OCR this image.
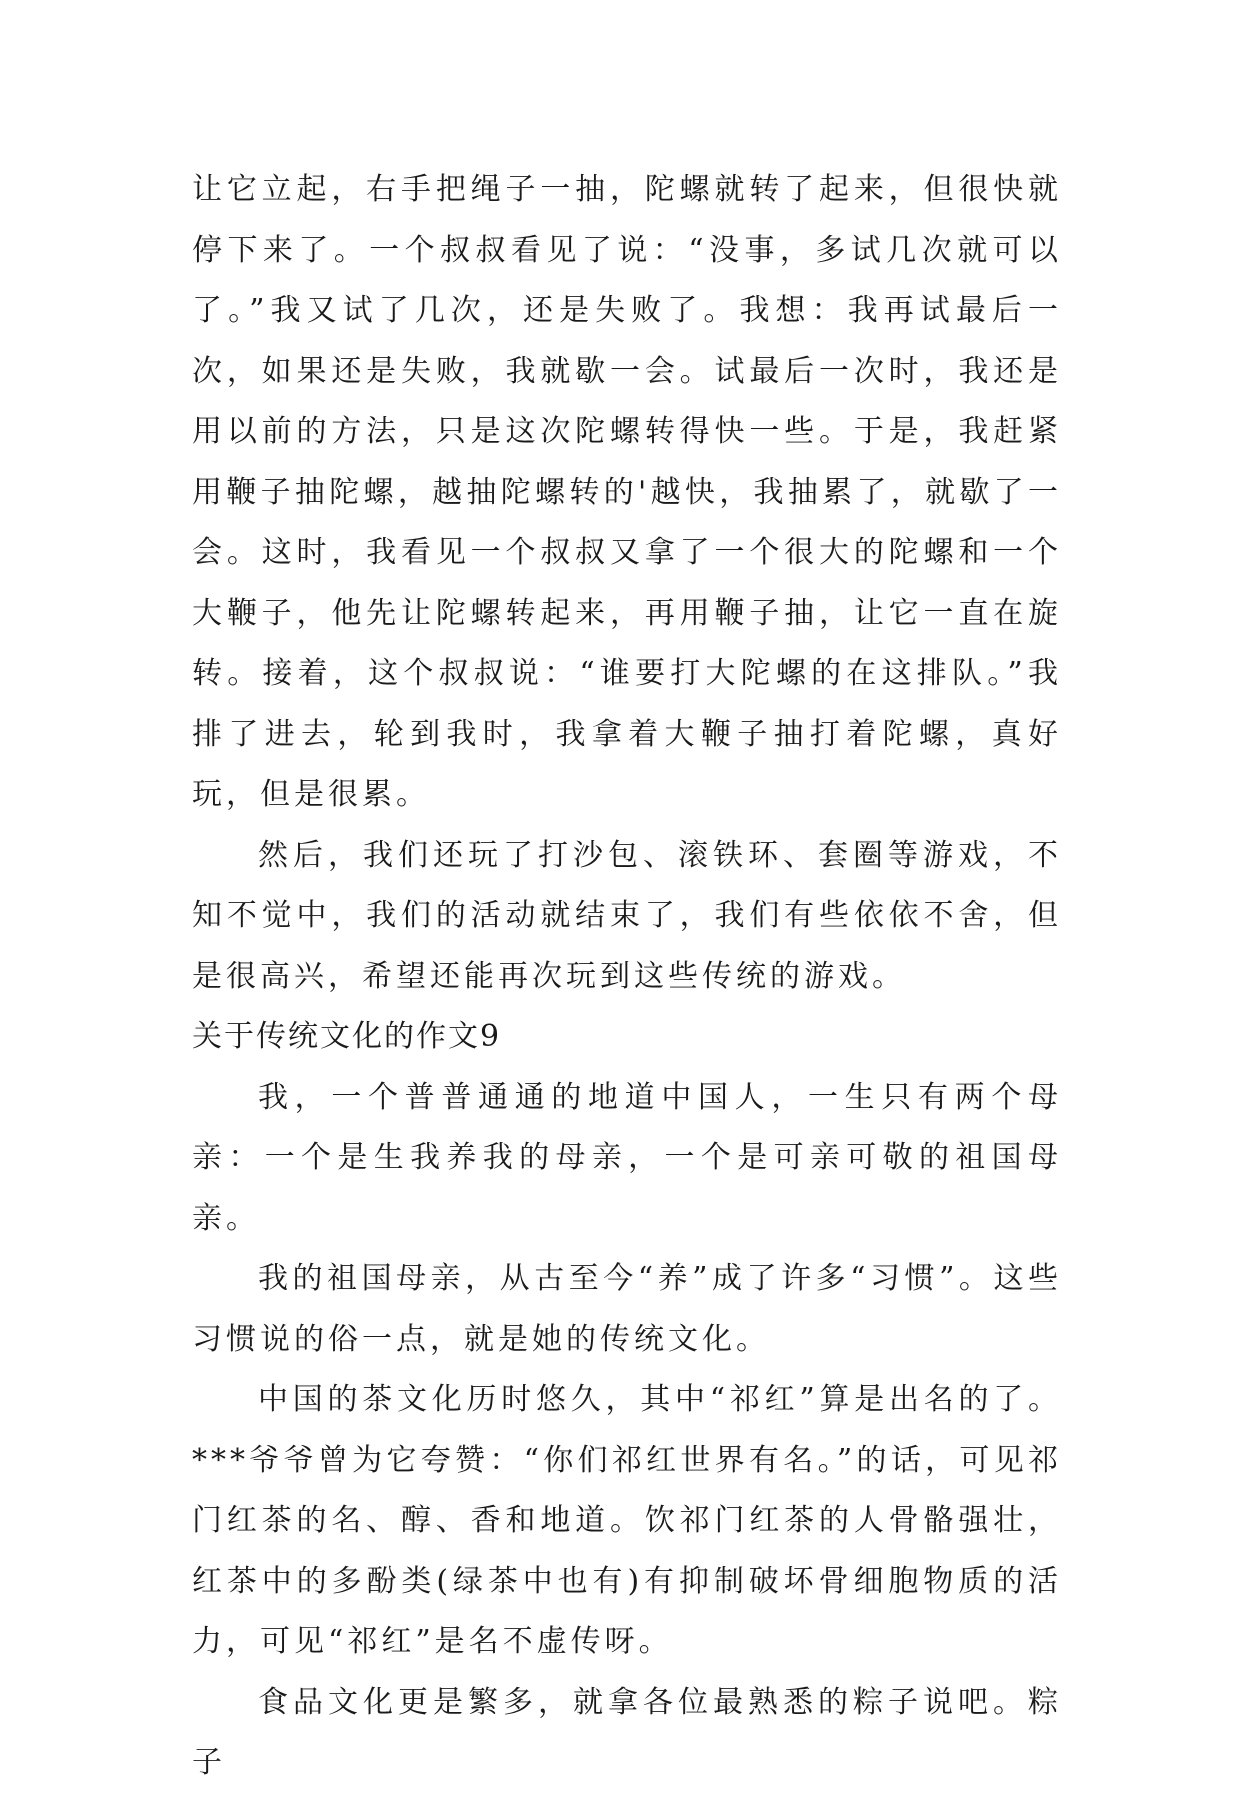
让它立起，右手把绳子一抽，陀螺就转了起来，但很快就停下来了。一个叔叔看见了说：“没事，多试几次就可以了。”我又试了几次，还是失败了。我想：我再试最后一次，如果还是失败，我就歇一会。试最后一次时，我还是用以前的方法，只是这次陀螺转得快一些。于是，我赶紧用鞭子抽陀螺，越抽陀螺转的'越快，我抽累了，就歇了一会。这时，我看见一个叔叔又拿了一个很大的陀螺和一个大鞭子，他先让陀螺转起来，再用鞭子抽，让它一直在旋转。接着，这个叔叔说：“谁要打大陀螺的在这排队。”我排了进去，轮到我时，我拿着大鞭子抽打着陀螺，真好玩，但是很累。

然后，我们还玩了打沙包、滚铁环、套圈等游戏，不知不觉中，我们的活动就结束了，我们有些依依不舍，但是很高兴，希望还能再次玩到这些传统的游戏。

关于传统文化的作文9

我，一个普普通通的地道中国人，一生只有两个母亲：一个是生我养我的母亲，一个是可亲可敬的祖国母亲。

我的祖国母亲，从古至今“养”成了许多“习惯”。这些习惯说的俗一点，就是她的传统文化。

中国的茶文化历时悠久，其中“祁红”算是出名的了。***爷爷曾为它夸赞：“你们祁红世界有名。”的话，可见祁门红茶的名、醇、香和地道。饮祁门红茶的人骨骼强壮，红茶中的多酚类(绿茶中也有)有抑制破坏骨细胞物质的活力，可见“祁红”是名不虚传呀。

食品文化更是繁多，就拿各位最熟悉的粽子说吧。粽子
